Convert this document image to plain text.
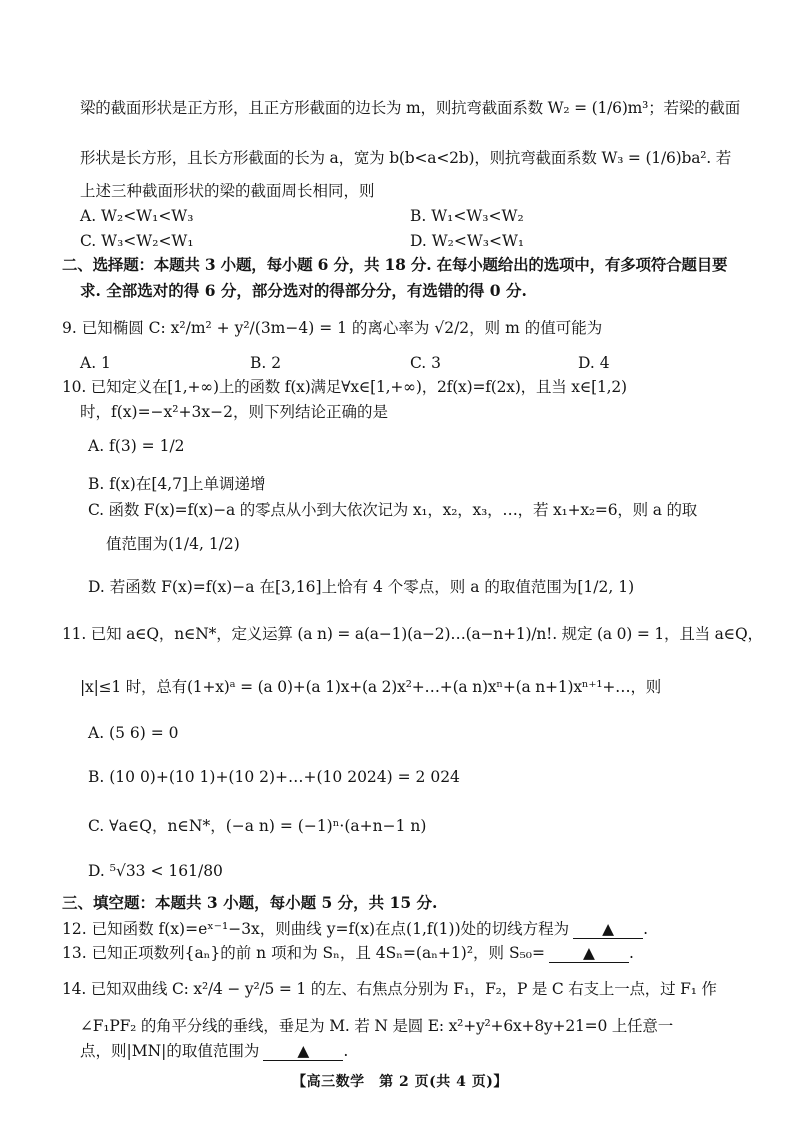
梁的截面形状是正方形，且正方形截面的边长为 m，则抗弯截面系数 W₂ = (1/6)m³；若梁的截面
形状是长方形，且长方形截面的长为 a，宽为 b(b<a<2b)，则抗弯截面系数 W₃ = (1/6)ba². 若
上述三种截面形状的梁的截面周长相同，则
A. W₂<W₁<W₃	B. W₁<W₃<W₂
C. W₃<W₂<W₁	D. W₂<W₃<W₁
二、选择题：本题共 3 小题，每小题 6 分，共 18 分. 在每小题给出的选项中，有多项符合题目要
求. 全部选对的得 6 分，部分选对的得部分分，有选错的得 0 分.
9. 已知椭圆 C: x²/m² + y²/(3m−4) = 1 的离心率为 √2/2，则 m 的值可能为
A. 1	B. 2	C. 3	D. 4
10. 已知定义在[1,+∞)上的函数 f(x)满足∀x∈[1,+∞)，2f(x)=f(2x)，且当 x∈[1,2)
时，f(x)=−x²+3x−2，则下列结论正确的是
A. f(3) = 1/2
B. f(x)在[4,7]上单调递增
C. 函数 F(x)=f(x)−a 的零点从小到大依次记为 x₁，x₂，x₃，…，若 x₁+x₂=6，则 a 的取
值范围为(1/4, 1/2)
D. 若函数 F(x)=f(x)−a 在[3,16]上恰有 4 个零点，则 a 的取值范围为[1/2, 1)
11. 已知 a∈Q，n∈N*，定义运算 (a n) = a(a−1)(a−2)…(a−n+1)/n!. 规定 (a 0) = 1，且当 a∈Q，
|x|≤1 时，总有(1+x)ᵃ = (a 0)+(a 1)x+(a 2)x²+…+(a n)xⁿ+(a n+1)xⁿ⁺¹+…，则
A. (5 6) = 0
B. (10 0)+(10 1)+(10 2)+…+(10 2024) = 2 024
C. ∀a∈Q，n∈N*，(−a n) = (−1)ⁿ·(a+n−1 n)
D. ⁵√33 < 161/80
三、填空题：本题共 3 小题，每小题 5 分，共 15 分.
12. 已知函数 f(x)=eˣ⁻¹−3x，则曲线 y=f(x)在点(1,f(1))处的切线方程为 ▲ .
13. 已知正项数列{aₙ}的前 n 项和为 Sₙ，且 4Sₙ=(aₙ+1)²，则 S₅₀= ▲ .
14. 已知双曲线 C: x²/4 − y²/5 = 1 的左、右焦点分别为 F₁，F₂，P 是 C 右支上一点，过 F₁ 作
∠F₁PF₂ 的角平分线的垂线，垂足为 M. 若 N 是圆 E: x²+y²+6x+8y+21=0 上任意一
点，则|MN|的取值范围为 ▲ .
【高三数学　第 2 页(共 4 页)】
